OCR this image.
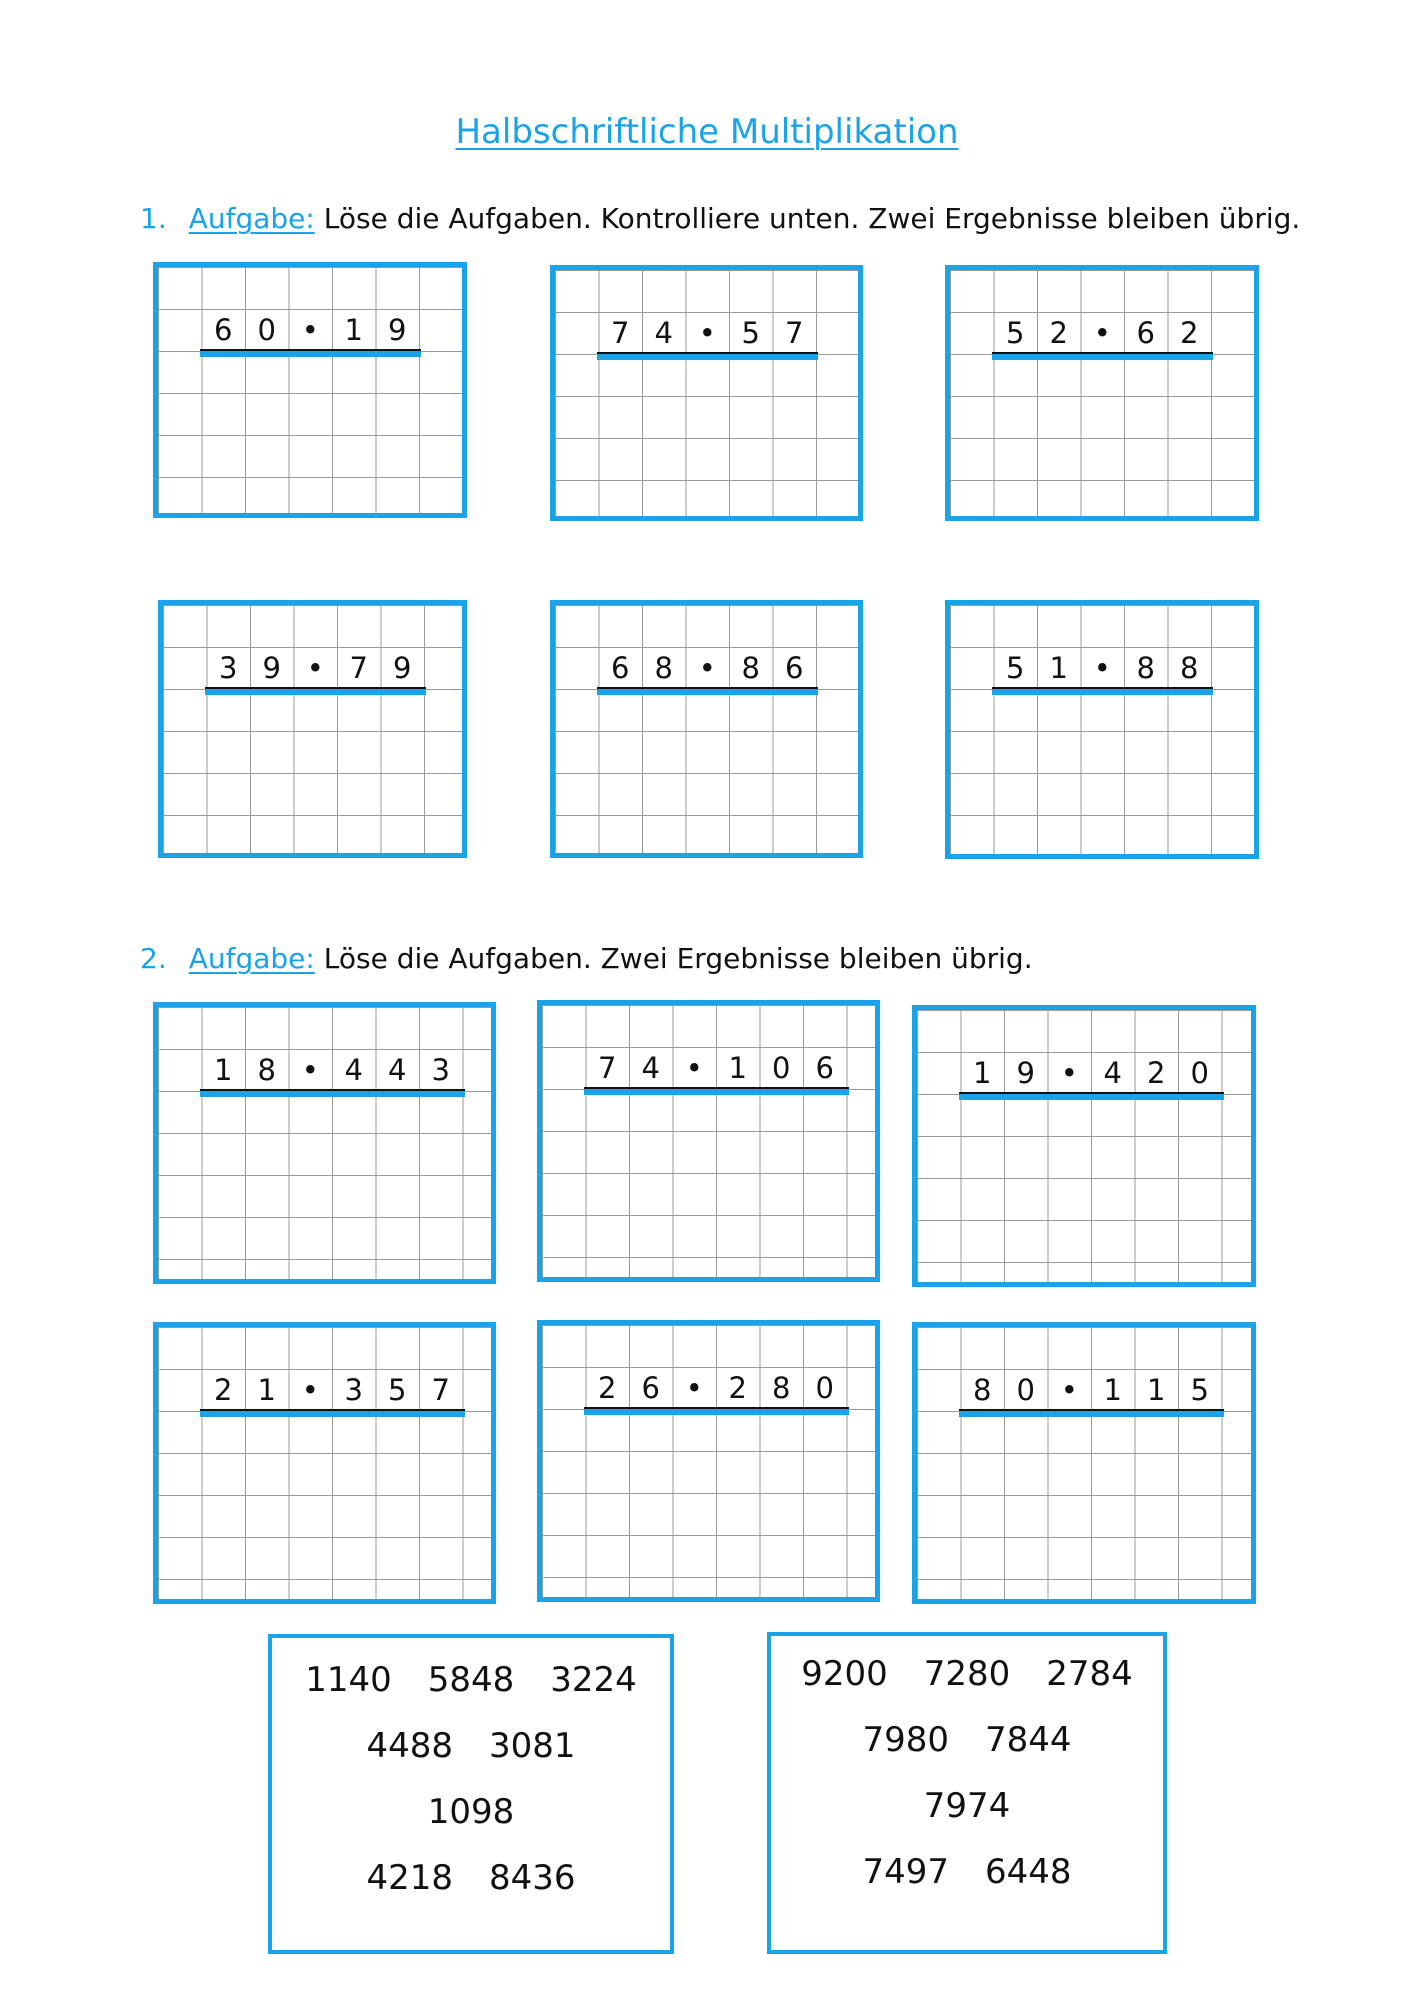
Halbschriftliche Multiplikation
1. Aufgabe: Löse die Aufgaben. Kontrolliere unten. Zwei Ergebnisse bleiben übrig.
2. Aufgabe: Löse die Aufgaben. Zwei Ergebnisse bleiben übrig.
6 0 • 1 9	7 4 • 5 7	5 2 • 6 2
3 9 • 7 9	6 8 • 8 6	5 1 • 8 8
1 8 • 4 4 3	7 4 • 1 0 6	1 9 • 4 2 0
2 1 • 3 5 7	2 6 • 2 8 0	8 0 • 1 1 5
1140 5848 3224
4488 3081
1098
4218 8436
9200 7280 2784
7980 7844
7974
7497 6448
